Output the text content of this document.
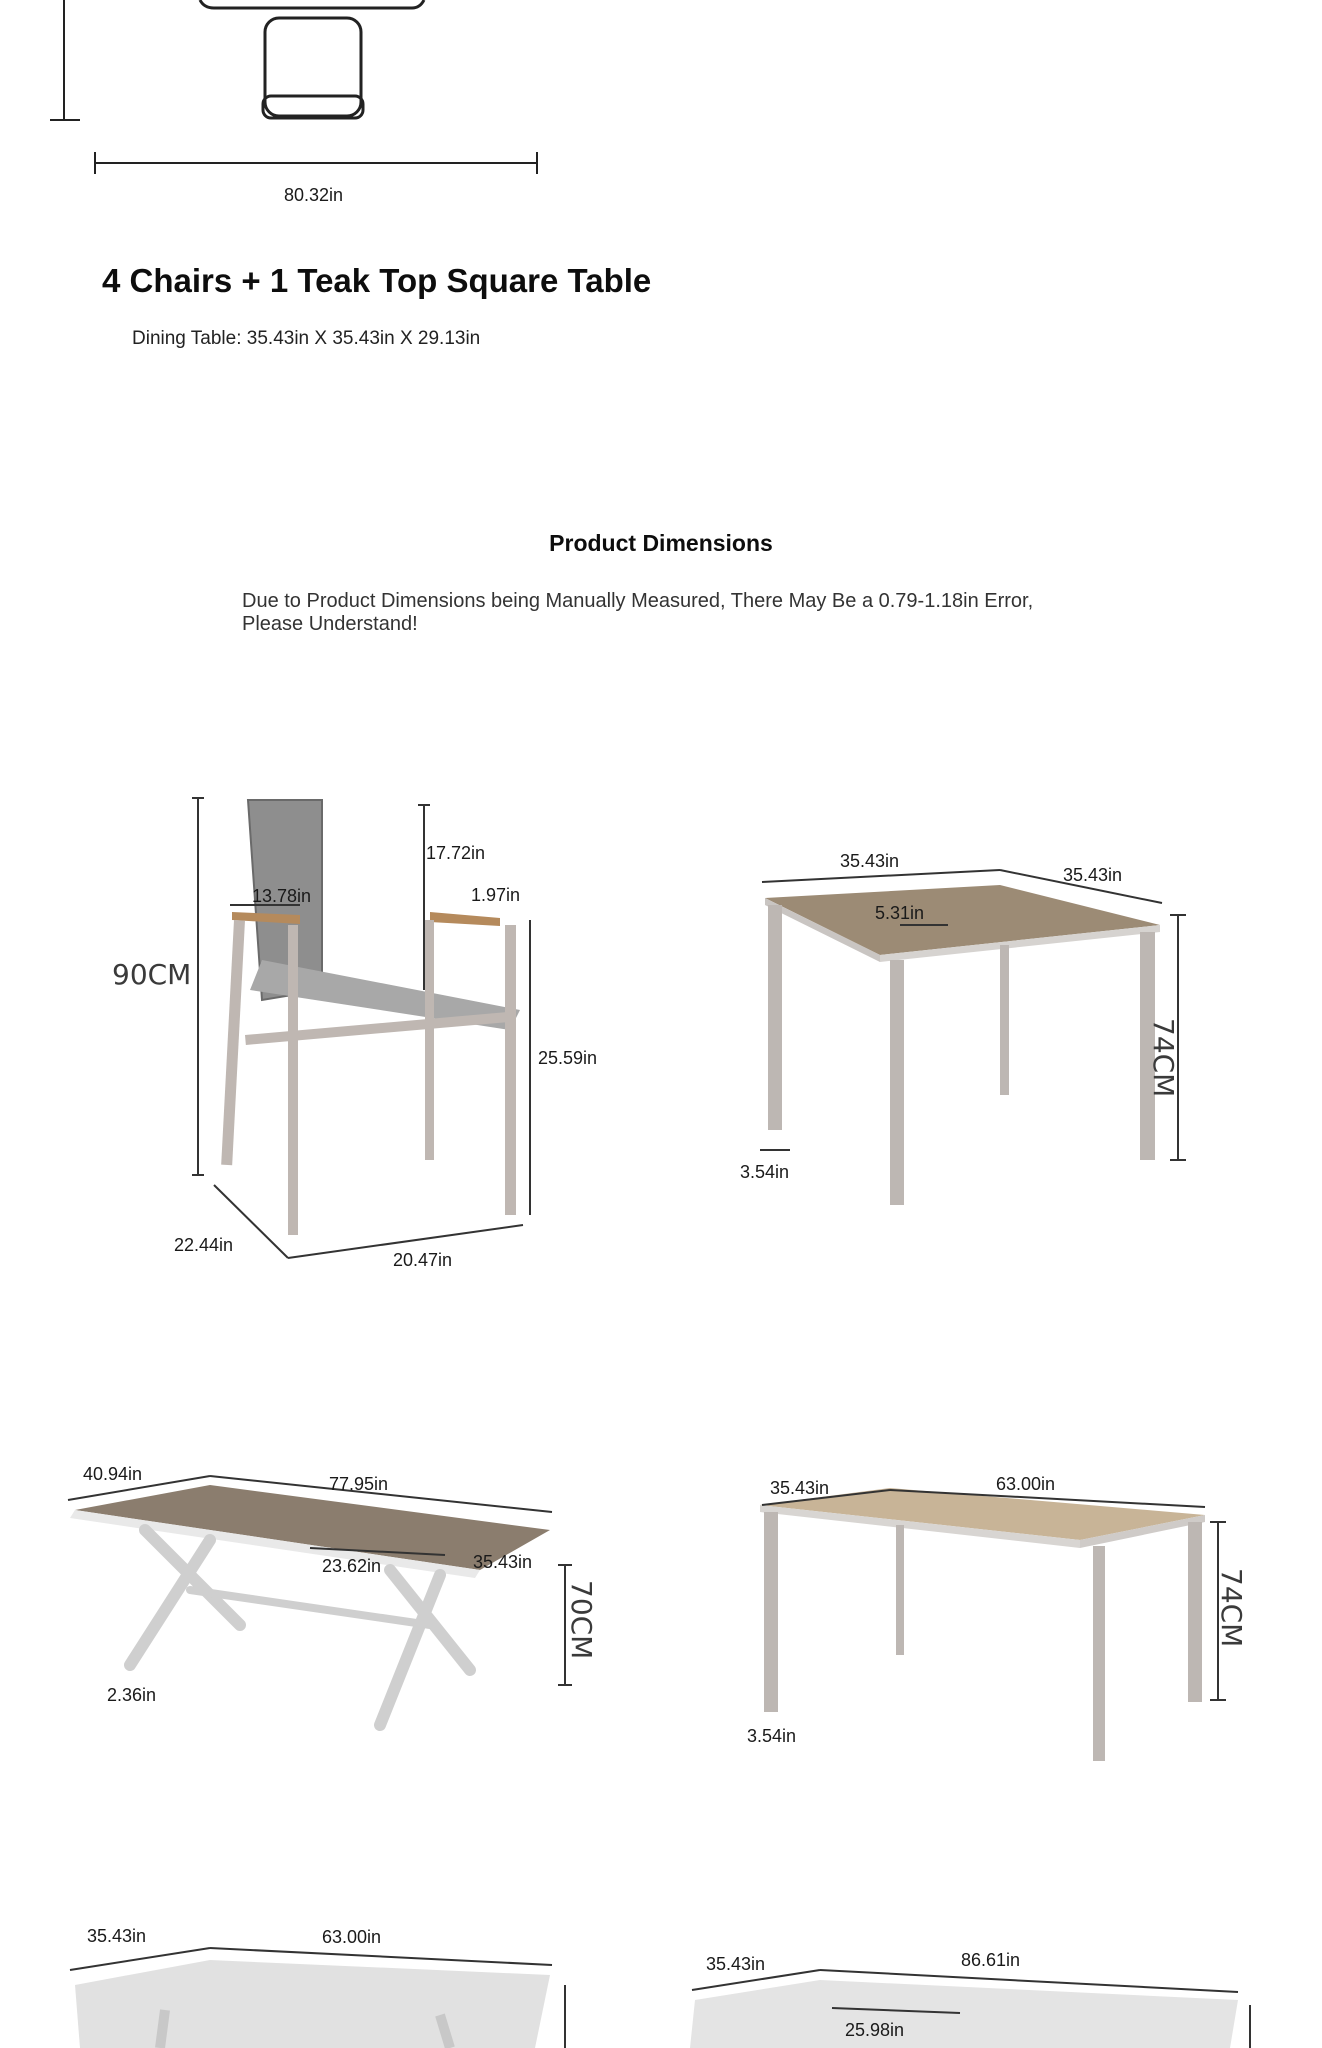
80.32in
4 Chairs + 1 Teak Top Square Table
Dining Table: 35.43in X 35.43in X 29.13in
Product Dimensions
Due to Product Dimensions being Manually Measured, There May Be a 0.79-1.18in Error, Please Understand!
90CM
17.72in
13.78in	1.97in
25.59in
22.44in
20.47in
35.43in
35.43in
5.31in
74CM
3.54in
40.94in	77.95in
23.62in	35.43in
70CM
2.36in
35.43in	63.00in
74CM
3.54in
35.43in	63.00in
35.43in	86.61in
25.98in
